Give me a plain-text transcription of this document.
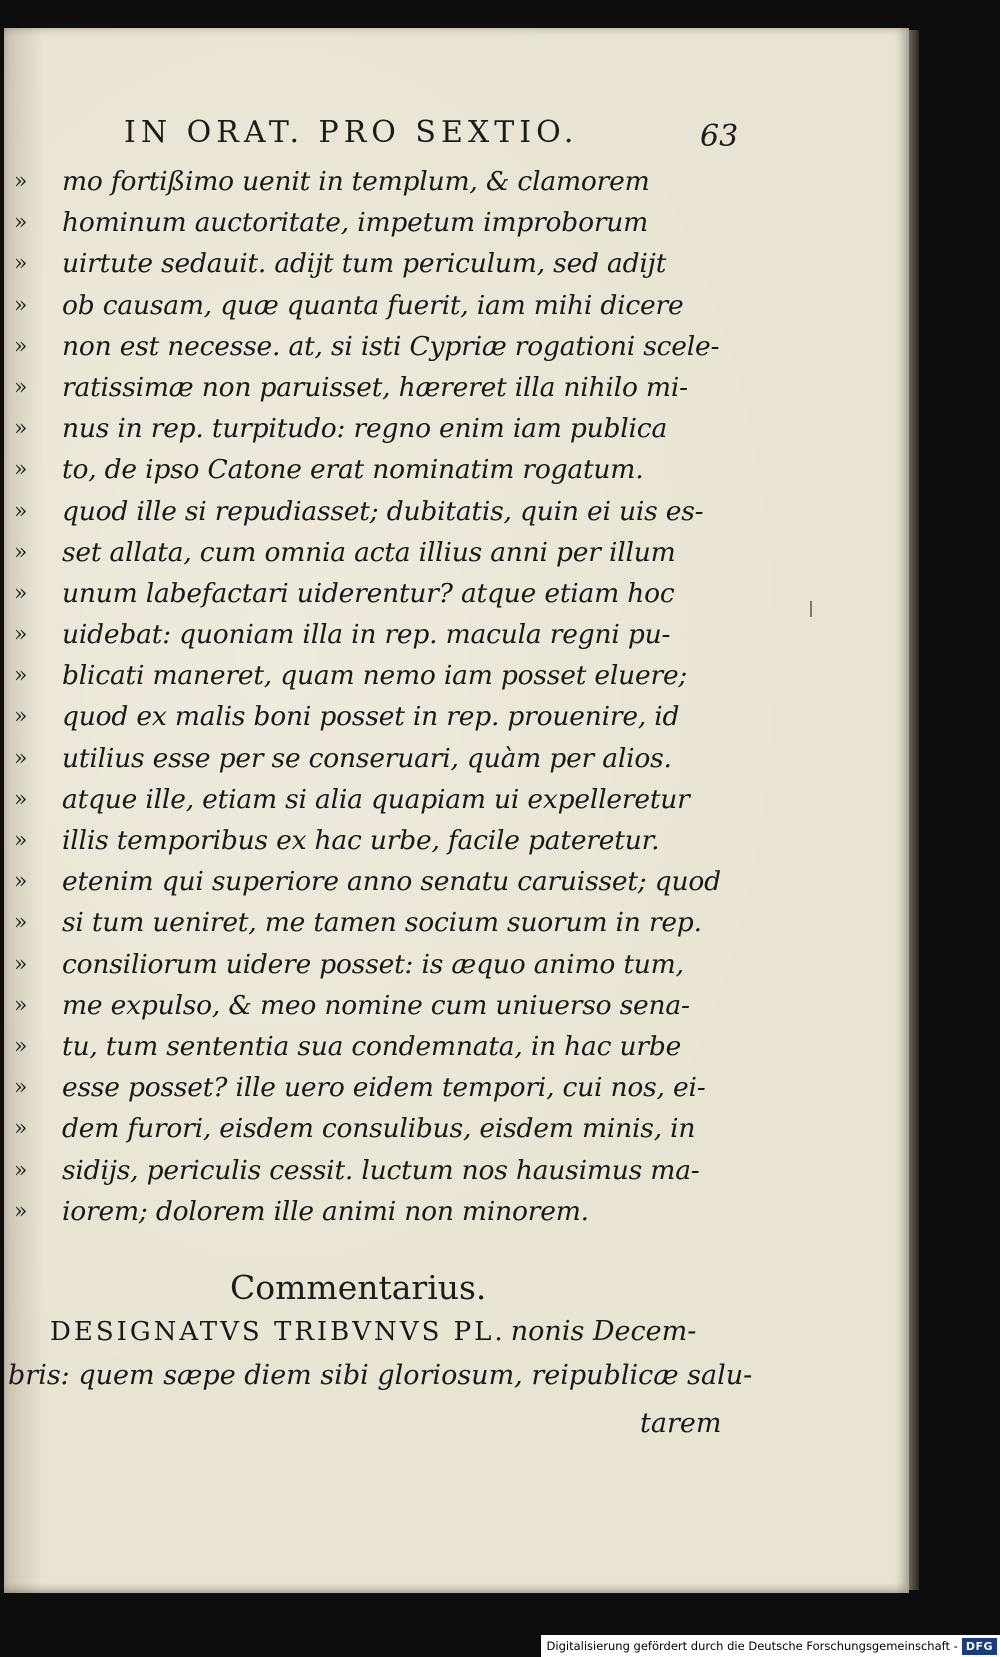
IN ORAT. PRO SEXTIO.	63
»	mo fortißimo uenit in templum, & clamorem
»	hominum auctoritate, impetum improborum
»	uirtute sedauit. adijt tum periculum, sed adijt
»	ob causam, quæ quanta fuerit, iam mihi dicere
»	non est necesse. at, si isti Cypriæ rogationi scele-
»	ratissimæ non paruisset, hæreret illa nihilo mi-
»	nus in rep. turpitudo: regno enim iam publica
»	to, de ipso Catone erat nominatim rogatum.
»	quod ille si repudiasset; dubitatis, quin ei uis es-
»	set allata, cum omnia acta illius anni per illum
»	unum labefactari uiderentur? atque etiam hoc
»	uidebat: quoniam illa in rep. macula regni pu-
»	blicati maneret, quam nemo iam posset eluere;
»	quod ex malis boni posset in rep. prouenire, id
»	utilius esse per se conseruari, quàm per alios.
»	atque ille, etiam si alia quapiam ui expelleretur
»	illis temporibus ex hac urbe, facile pateretur.
»	etenim qui superiore anno senatu caruisset; quod
»	si tum ueniret, me tamen socium suorum in rep.
»	consiliorum uidere posset: is æquo animo tum,
»	me expulso, & meo nomine cum uniuerso sena-
»	tu, tum sententia sua condemnata, in hac urbe
»	esse posset? ille uero eidem tempori, cui nos, ei-
»	dem furori, eisdem consulibus, eisdem minis, in
»	sidijs, periculis cessit. luctum nos hausimus ma-
»	iorem; dolorem ille animi non minorem.
Commentarius.
DESIGNATVS TRIBVNVS PL. nonis Decem-
bris: quem sæpe diem sibi gloriosum, reipublicæ salu-
tarem
Digitalisierung gefördert durch die Deutsche Forschungsgemeinschaft - DFG
